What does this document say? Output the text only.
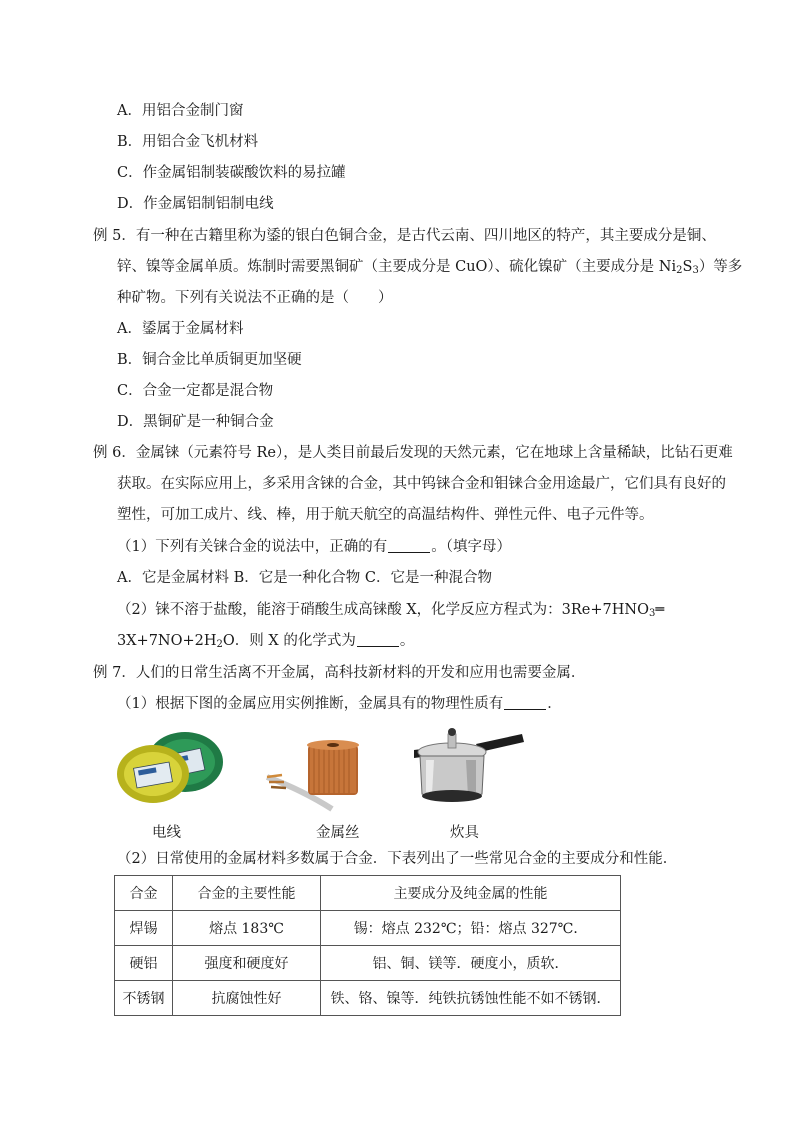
A．用铝合金制门窗
B．用铝合金飞机材料
C．作金属铝制装碳酸饮料的易拉罐
D．作金属铝制铝制电线
例 5．有一种在古籍里称为鋈的银白色铜合金，是古代云南、四川地区的特产，其主要成分是铜、
锌、镍等金属单质。炼制时需要黑铜矿（主要成分是 CuO）、硫化镍矿（主要成分是 $Ni_2S_3$）等多
种矿物。下列有关说法不正确的是（　　）
A．鋈属于金属材料
B．铜合金比单质铜更加坚硬
C．合金一定都是混合物
D．黑铜矿是一种铜合金
例 6．金属铼（元素符号 Re），是人类目前最后发现的天然元素，它在地球上含量稀缺，比钻石更难
获取。在实际应用上，多采用含铼的合金，其中钨铼合金和钼铼合金用途最广，它们具有良好的
塑性，可加工成片、线、棒，用于航天航空的高温结构件、弹性元件、电子元件等。
（1）下列有关铼合金的说法中，正确的有	。（填字母）
A．它是金属材料 B．它是一种化合物 C．它是一种混合物
（2）铼不溶于盐酸，能溶于硝酸生成高铼酸 X，化学反应方程式为：$3Re+7HNO_3═$
$3X+7NO+2H_2O$．则 X 的化学式为	。
例 7．人们的日常生活离不开金属，高科技新材料的开发和应用也需要金属．
（1）根据下图的金属应用实例推断，金属具有的物理性质有	．
电线	金属丝	炊具
（2）日常使用的金属材料多数属于合金．下表列出了一些常见合金的主要成分和性能．
合金	合金的主要性能	主要成分及纯金属的性能
焊锡	熔点 183℃	锡：熔点 232℃；铅：熔点 327℃．
硬铝	强度和硬度好	铝、铜、镁等．硬度小，质软．
不锈钢	抗腐蚀性好	铁、铬、镍等．纯铁抗锈蚀性能不如不锈钢．
